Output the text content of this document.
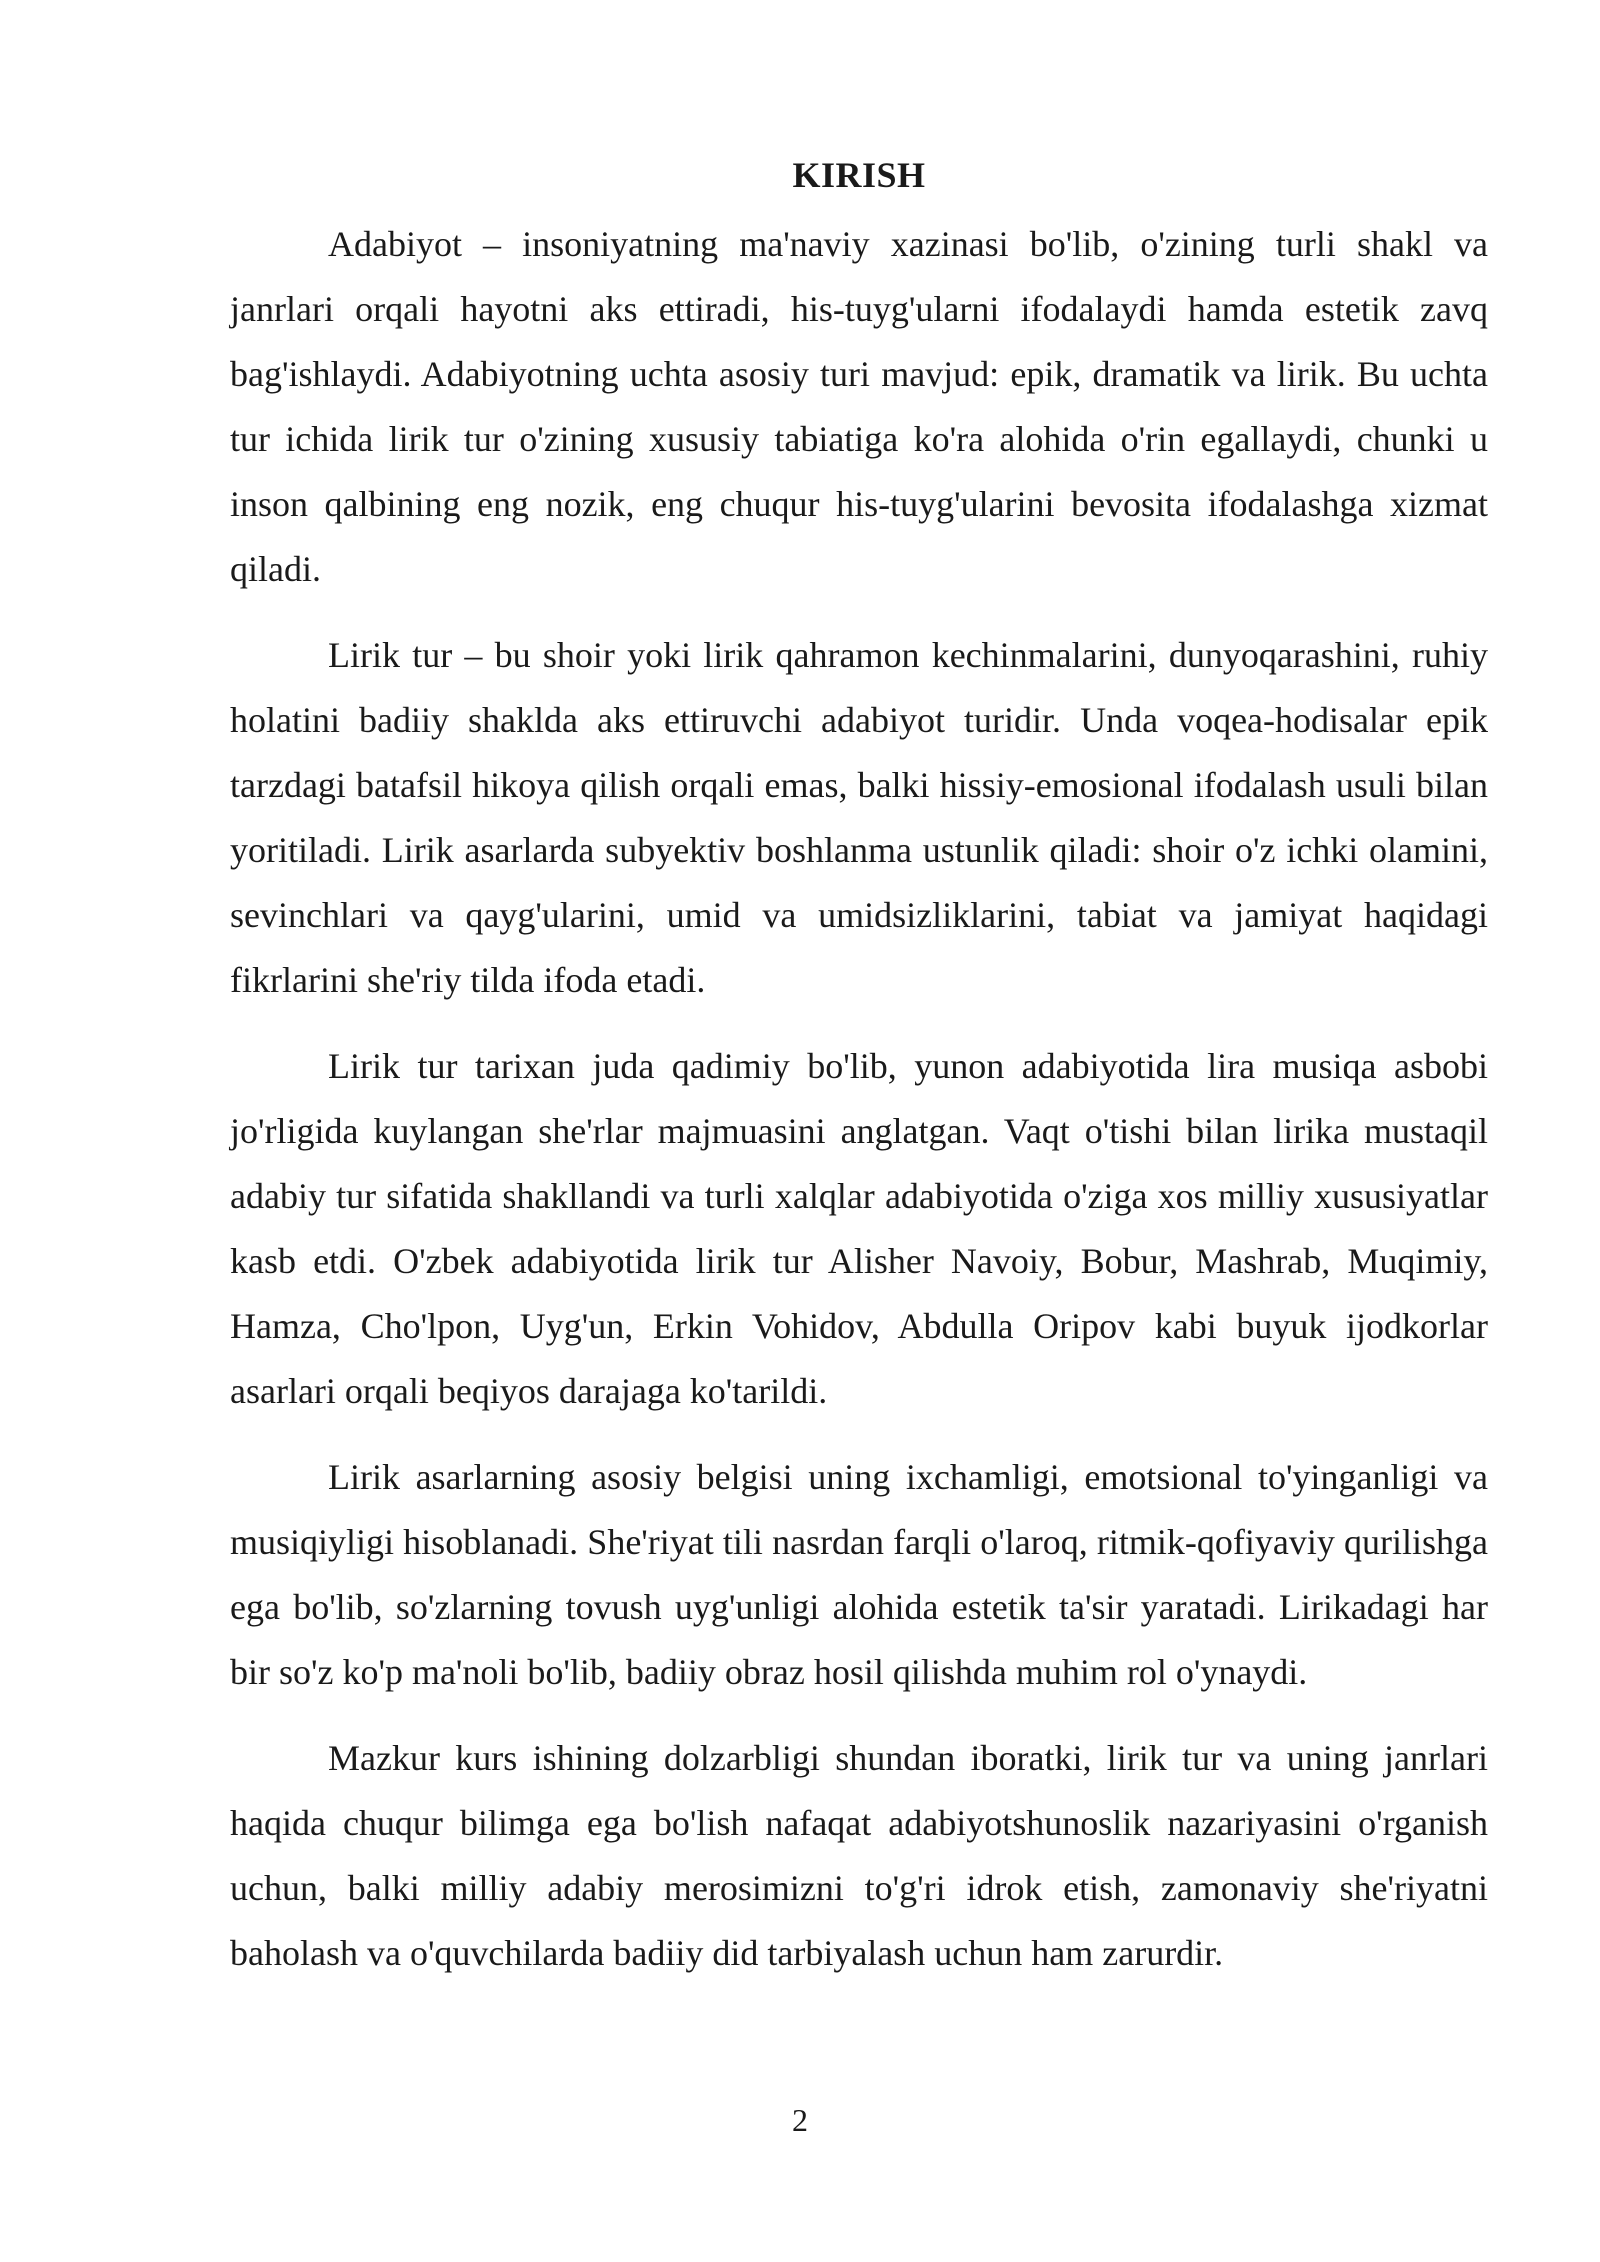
KIRISH

Adabiyot – insoniyatning ma'naviy xazinasi bo'lib, o'zining turli shakl va janrlari orqali hayotni aks ettiradi, his-tuyg'ularni ifodalaydi hamda estetik zavq bag'ishlaydi. Adabiyotning uchta asosiy turi mavjud: epik, dramatik va lirik. Bu uchta tur ichida lirik tur o'zining xususiy tabiatiga ko'ra alohida o'rin egallaydi, chunki u inson qalbining eng nozik, eng chuqur his-tuyg'ularini bevosita ifodalashga xizmat qiladi.

Lirik tur – bu shoir yoki lirik qahramon kechinmalarini, dunyoqarashini, ruhiy holatini badiiy shaklda aks ettiruvchi adabiyot turidir. Unda voqea-hodisalar epik tarzdagi batafsil hikoya qilish orqali emas, balki hissiy-emosional ifodalash usuli bilan yoritiladi. Lirik asarlarda subyektiv boshlanma ustunlik qiladi: shoir o'z ichki olamini, sevinchlari va qayg'ularini, umid va umidsizliklarini, tabiat va jamiyat haqidagi fikrlarini she'riy tilda ifoda etadi.

Lirik tur tarixan juda qadimiy bo'lib, yunon adabiyotida lira musiqa asbobi jo'rligida kuylangan she'rlar majmuasini anglatgan. Vaqt o'tishi bilan lirika mustaqil adabiy tur sifatida shakllandi va turli xalqlar adabiyotida o'ziga xos milliy xususiyatlar kasb etdi. O'zbek adabiyotida lirik tur Alisher Navoiy, Bobur, Mashrab, Muqimiy, Hamza, Cho'lpon, Uyg'un, Erkin Vohidov, Abdulla Oripov kabi buyuk ijodkorlar asarlari orqali beqiyos darajaga ko'tarildi.

Lirik asarlarning asosiy belgisi uning ixchamligi, emotsional to'yinganligi va musiqiyligi hisoblanadi. She'riyat tili nasrdan farqli o'laroq, ritmik-qofiyaviy qurilishga ega bo'lib, so'zlarning tovush uyg'unligi alohida estetik ta'sir yaratadi. Lirikadagi har bir so'z ko'p ma'noli bo'lib, badiiy obraz hosil qilishda muhim rol o'ynaydi.

Mazkur kurs ishining dolzarbligi shundan iboratki, lirik tur va uning janrlari haqida chuqur bilimga ega bo'lish nafaqat adabiyotshunoslik nazariyasini o'rganish uchun, balki milliy adabiy merosimizni to'g'ri idrok etish, zamonaviy she'riyatni baholash va o'quvchilarda badiiy did tarbiyalash uchun ham zarurdir.

2
